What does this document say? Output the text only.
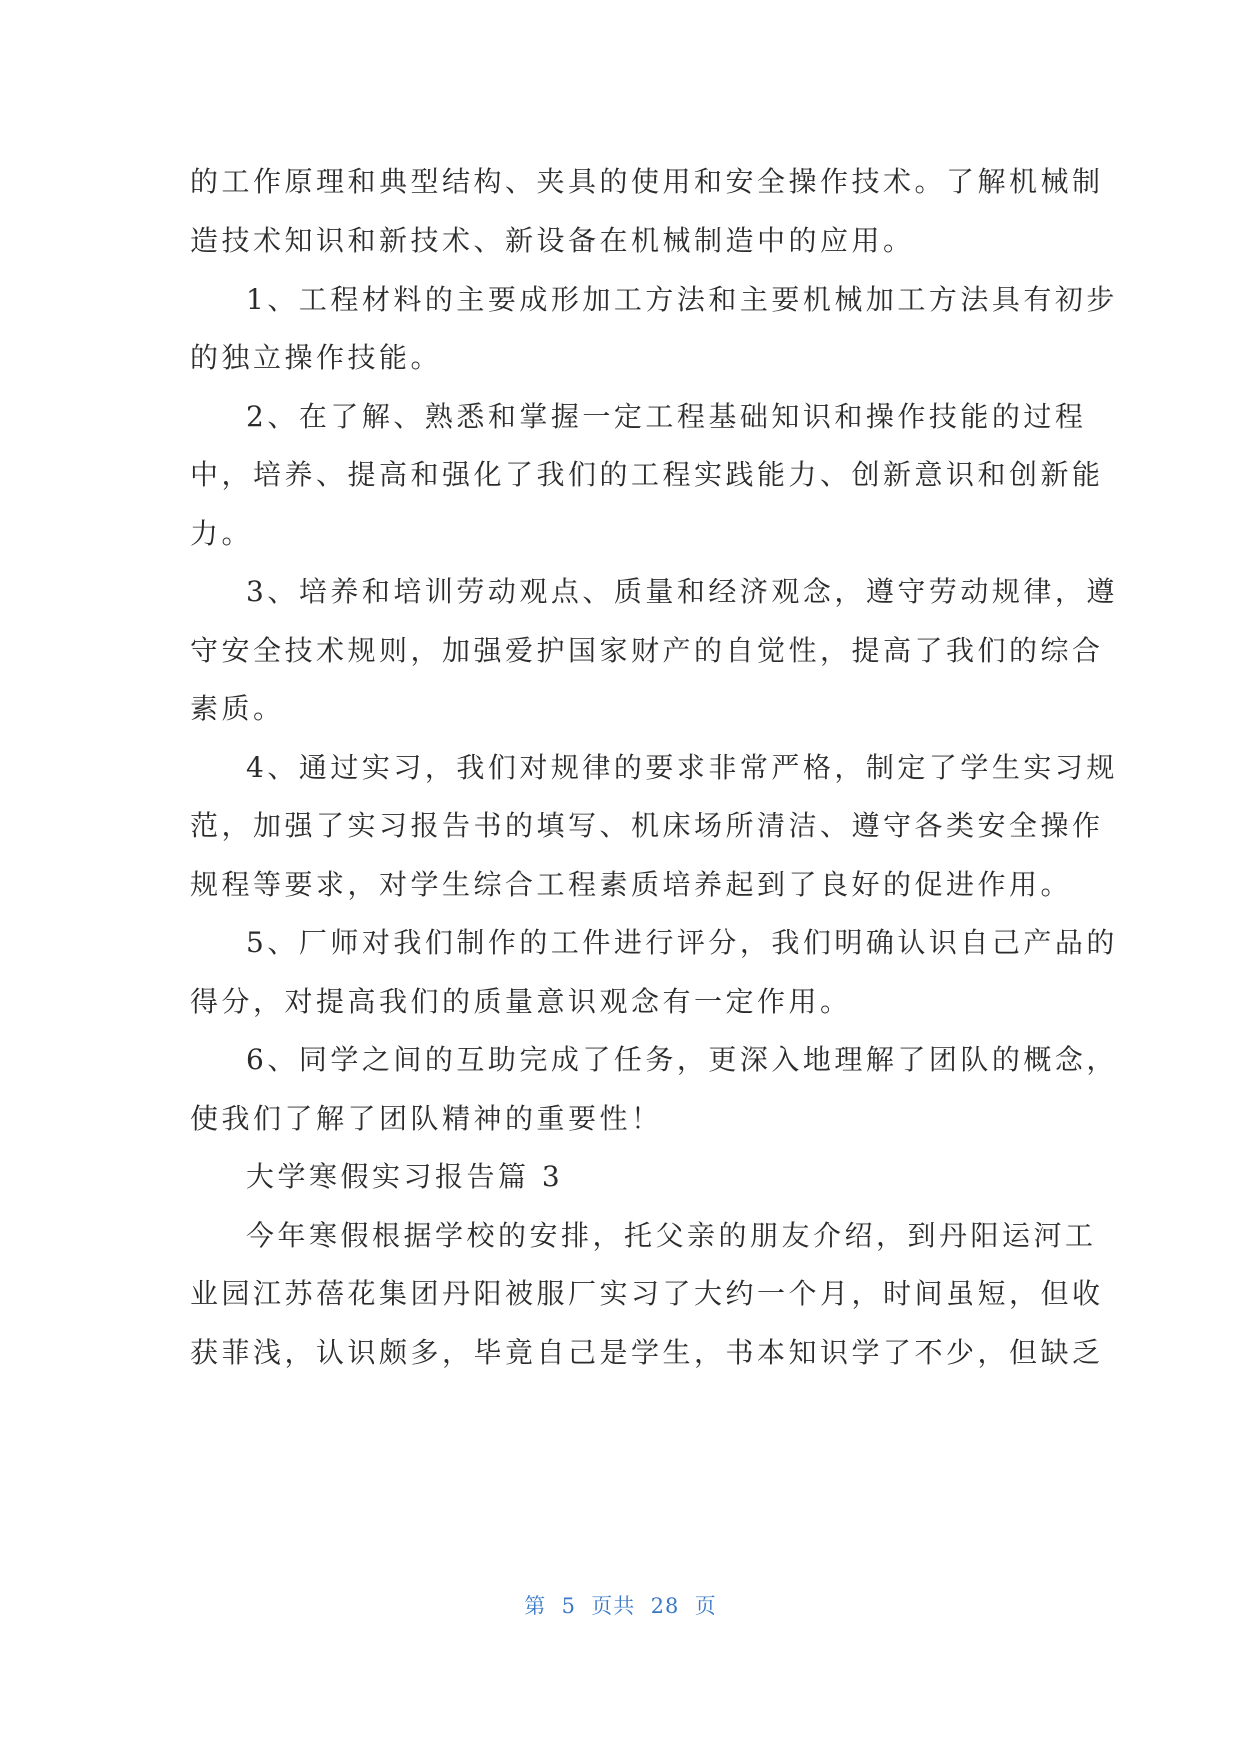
的工作原理和典型结构、夹具的使用和安全操作技术。了解机械制
造技术知识和新技术、新设备在机械制造中的应用。
1、工程材料的主要成形加工方法和主要机械加工方法具有初步
的独立操作技能。
2、在了解、熟悉和掌握一定工程基础知识和操作技能的过程
中，培养、提高和强化了我们的工程实践能力、创新意识和创新能
力。
3、培养和培训劳动观点、质量和经济观念，遵守劳动规律，遵
守安全技术规则，加强爱护国家财产的自觉性，提高了我们的综合
素质。
4、通过实习，我们对规律的要求非常严格，制定了学生实习规
范，加强了实习报告书的填写、机床场所清洁、遵守各类安全操作
规程等要求，对学生综合工程素质培养起到了良好的促进作用。
5、厂师对我们制作的工件进行评分，我们明确认识自己产品的
得分，对提高我们的质量意识观念有一定作用。
6、同学之间的互助完成了任务，更深入地理解了团队的概念，
使我们了解了团队精神的重要性！
大学寒假实习报告篇 3
今年寒假根据学校的安排，托父亲的朋友介绍，到丹阳运河工
业园江苏蓓花集团丹阳被服厂实习了大约一个月，时间虽短，但收
获菲浅，认识颇多，毕竟自己是学生，书本知识学了不少，但缺乏
第  5  页共  28  页
